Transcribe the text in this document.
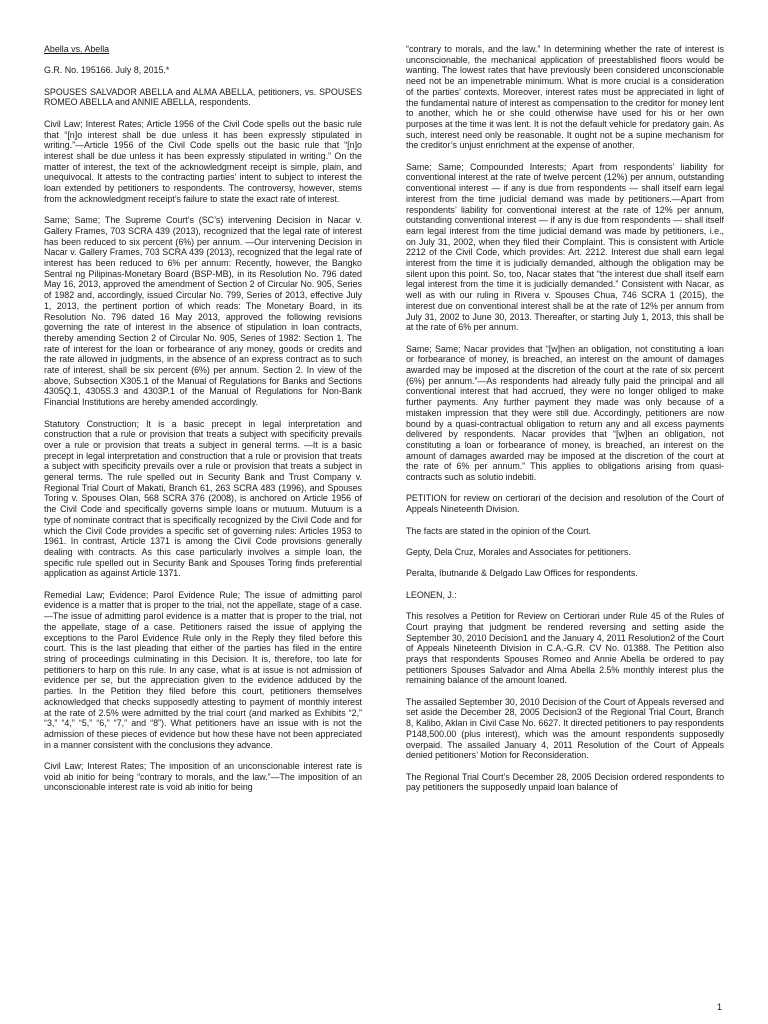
Abella vs. Abella

G.R. No. 195166. July 8, 2015.*

SPOUSES SALVADOR ABELLA and ALMA ABELLA, petitioners, vs. SPOUSES ROMEO ABELLA and ANNIE ABELLA, respondents.

Civil Law; Interest Rates; Article 1956 of the Civil Code spells out the basic rule that “[n]o interest shall be due unless it has been expressly stipulated in writing.”—Article 1956 of the Civil Code spells out the basic rule that “[n]o interest shall be due unless it has been expressly stipulated in writing.” On the matter of interest, the text of the acknowledgment receipt is simple, plain, and unequivocal. It attests to the contracting parties’ intent to subject to interest the loan extended by petitioners to respondents. The controversy, however, stems from the acknowledgment receipt’s failure to state the exact rate of interest.

Same; Same; The Supreme Court’s (SC’s) intervening Decision in Nacar v. Gallery Frames, 703 SCRA 439 (2013), recognized that the legal rate of interest has been reduced to six percent (6%) per annum. —Our intervening Decision in Nacar v. Gallery Frames, 703 SCRA 439 (2013), recognized that the legal rate of interest has been reduced to 6% per annum: Recently, however, the Bangko Sentral ng Pilipinas-Monetary Board (BSP-MB), in its Resolution No. 796 dated May 16, 2013, approved the amendment of Section 2 of Circular No. 905, Series of 1982 and, accordingly, issued Circular No. 799, Series of 2013, effective July 1, 2013, the pertinent portion of which reads: The Monetary Board, in its Resolution No. 796 dated 16 May 2013, approved the following revisions governing the rate of interest in the absence of stipulation in loan contracts, thereby amending Section 2 of Circular No. 905, Series of 1982: Section 1. The rate of interest for the loan or forbearance of any money, goods or credits and the rate allowed in judgments, in the absence of an express contract as to such rate of interest, shall be six percent (6%) per annum. Section 2. In view of the above, Subsection X305.1 of the Manual of Regulations for Banks and Sections 4305Q.1, 4305S.3 and 4303P.1 of the Manual of Regulations for Non-Bank Financial Institutions are hereby amended accordingly.

Statutory Construction; It is a basic precept in legal interpretation and construction that a rule or provision that treats a subject with specificity prevails over a rule or provision that treats a subject in general terms. —It is a basic precept in legal interpretation and construction that a rule or provision that treats a subject with specificity prevails over a rule or provision that treats a subject in general terms. The rule spelled out in Security Bank and Trust Company v. Regional Trial Court of Makati, Branch 61, 263 SCRA 483 (1996), and Spouses Toring v. Spouses Olan, 568 SCRA 376 (2008), is anchored on Article 1956 of the Civil Code and specifically governs simple loans or mutuum. Mutuum is a type of nominate contract that is specifically recognized by the Civil Code and for which the Civil Code provides a specific set of governing rules: Articles 1953 to 1961. In contrast, Article 1371 is among the Civil Code provisions generally dealing with contracts. As this case particularly involves a simple loan, the specific rule spelled out in Security Bank and Spouses Toring finds preferential application as against Article 1371.

Remedial Law; Evidence; Parol Evidence Rule; The issue of admitting parol evidence is a matter that is proper to the trial, not the appellate, stage of a case.—The issue of admitting parol evidence is a matter that is proper to the trial, not the appellate, stage of a case. Petitioners raised the issue of applying the exceptions to the Parol Evidence Rule only in the Reply they filed before this court. This is the last pleading that either of the parties has filed in the entire string of proceedings culminating in this Decision. It is, therefore, too late for petitioners to harp on this rule. In any case, what is at issue is not admission of evidence per se, but the appreciation given to the evidence adduced by the parties. In the Petition they filed before this court, petitioners themselves acknowledged that checks supposedly attesting to payment of monthly interest at the rate of 2.5% were admitted by the trial court (and marked as Exhibits “2,” “3,” “4,” “5,” “6,” “7,” and “8”). What petitioners have an issue with is not the admission of these pieces of evidence but how these have not been appreciated in a manner consistent with the conclusions they advance.

Civil Law; Interest Rates; The imposition of an unconscionable interest rate is void ab initio for being “contrary to morals, and the law.”—The imposition of an unconscionable interest rate is void ab initio for being

“contrary to morals, and the law.” In determining whether the rate of interest is unconscionable, the mechanical application of preestablished floors would be wanting. The lowest rates that have previously been considered unconscionable need not be an impenetrable minimum. What is more crucial is a consideration of the parties’ contexts. Moreover, interest rates must be appreciated in light of the fundamental nature of interest as compensation to the creditor for money lent to another, which he or she could otherwise have used for his or her own purposes at the time it was lent. It is not the default vehicle for predatory gain. As such, interest need only be reasonable. It ought not be a supine mechanism for the creditor’s unjust enrichment at the expense of another.

Same; Same; Compounded Interests; Apart from respondents’ liability for conventional interest at the rate of twelve percent (12%) per annum, outstanding conventional interest — if any is due from respondents — shall itself earn legal interest from the time judicial demand was made by petitioners.—Apart from respondents’ liability for conventional interest at the rate of 12% per annum, outstanding conventional interest — if any is due from respondents — shall itself earn legal interest from the time judicial demand was made by petitioners, i.e., on July 31, 2002, when they filed their Complaint. This is consistent with Article 2212 of the Civil Code, which provides: Art. 2212. Interest due shall earn legal interest from the time it is judicially demanded, although the obligation may be silent upon this point. So, too, Nacar states that “the interest due shall itself earn legal interest from the time it is judicially demanded.” Consistent with Nacar, as well as with our ruling in Rivera v. Spouses Chua, 746 SCRA 1 (2015), the interest due on conventional interest shall be at the rate of 12% per annum from July 31, 2002 to June 30, 2013. Thereafter, or starting July 1, 2013, this shall be at the rate of 6% per annum.

Same; Same; Nacar provides that “[w]hen an obligation, not constituting a loan or forbearance of money, is breached, an interest on the amount of damages awarded may be imposed at the discretion of the court at the rate of six percent (6%) per annum.”—As respondents had already fully paid the principal and all conventional interest that had accrued, they were no longer obliged to make further payments. Any further payment they made was only because of a mistaken impression that they were still due. Accordingly, petitioners are now bound by a quasi-contractual obligation to return any and all excess payments delivered by respondents. Nacar provides that “[w]hen an obligation, not constituting a loan or forbearance of money, is breached, an interest on the amount of damages awarded may be imposed at the discretion of the court at the rate of 6% per annum.” This applies to obligations arising from quasi-contracts such as solutio indebiti.

PETITION for review on certiorari of the decision and resolution of the Court of Appeals Nineteenth Division.

The facts are stated in the opinion of the Court.

Gepty, Dela Cruz, Morales and Associates for petitioners.

Peralta, Ibutnande & Delgado Law Offices for respondents.

LEONEN, J.:

This resolves a Petition for Review on Certiorari under Rule 45 of the Rules of Court praying that judgment be rendered reversing and setting aside the September 30, 2010 Decision1 and the January 4, 2011 Resolution2 of the Court of Appeals Nineteenth Division in C.A.-G.R. CV No. 01388. The Petition also prays that respondents Spouses Romeo and Annie Abella be ordered to pay petitioners Spouses Salvador and Alma Abella 2.5% monthly interest plus the remaining balance of the amount loaned.

The assailed September 30, 2010 Decision of the Court of Appeals reversed and set aside the December 28, 2005 Decision3 of the Regional Trial Court, Branch 8, Kalibo, Aklan in Civil Case No. 6627. It directed petitioners to pay respondents P148,500.00 (plus interest), which was the amount respondents supposedly overpaid. The assailed January 4, 2011 Resolution of the Court of Appeals denied petitioners’ Motion for Reconsideration.

The Regional Trial Court’s December 28, 2005 Decision ordered respondents to pay petitioners the supposedly unpaid loan balance of

1
